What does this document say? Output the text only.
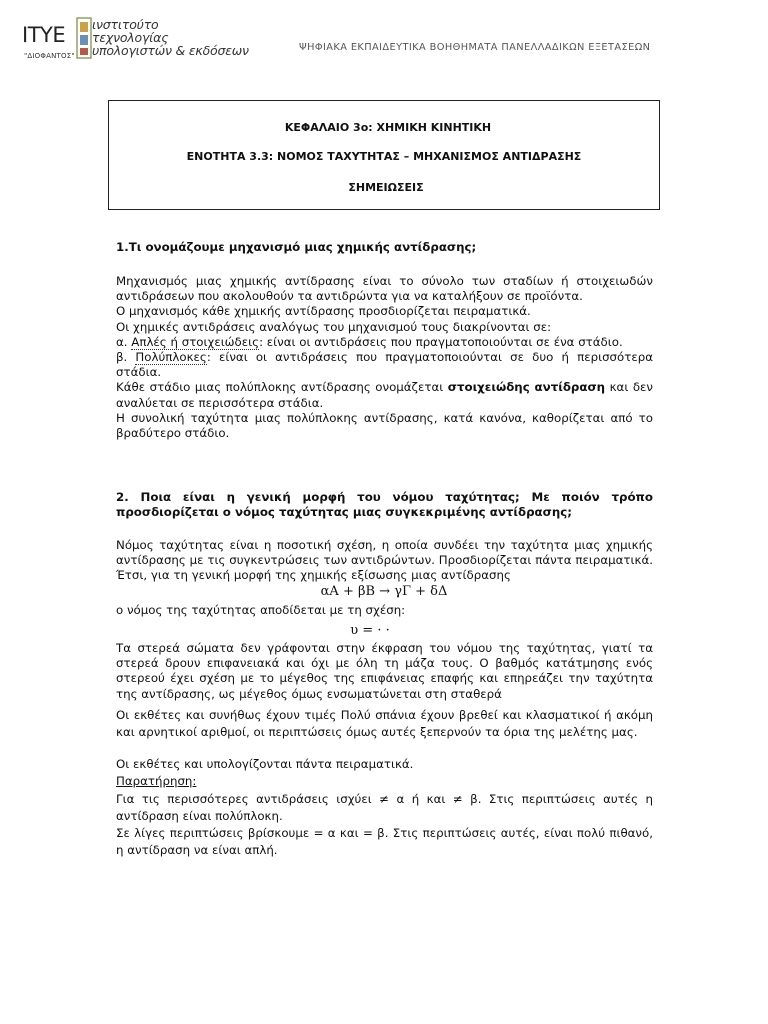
ΙΤΥΕ
"ΔΙΟΦΑΝΤΟΣ"
ινστιτούτο
τεχνολογίας
υπολογιστών & εκδόσεων	ΨΗΦΙΑΚΑ ΕΚΠΑΙΔΕΥΤΙΚΑ ΒΟΗΘΗΜΑΤΑ ΠΑΝΕΛΛΑΔΙΚΩΝ ΕΞΕΤΑΣΕΩΝ
ΚΕΦΑΛΑΙΟ 3ο: ΧΗΜΙΚΗ ΚΙΝΗΤΙΚΗ
ΕΝΟΤΗΤΑ 3.3: ΝΟΜΟΣ ΤΑΧΥΤΗΤΑΣ – ΜΗΧΑΝΙΣΜΟΣ ΑΝΤΙΔΡΑΣΗΣ
ΣΗΜΕΙΩΣΕΙΣ
1.Τι ονομάζουμε μηχανισμό μιας χημικής αντίδρασης;
Μηχανισμός μιας χημικής αντίδρασης είναι το σύνολο των σταδίων ή στοιχειωδών αντιδράσεων που ακολουθούν τα αντιδρώντα για να καταλήξουν σε προϊόντα.
Ο μηχανισμός κάθε χημικής αντίδρασης προσδιορίζεται πειραματικά.
Οι χημικές αντιδράσεις αναλόγως του μηχανισμού τους διακρίνονται σε:
α. Απλές ή στοιχειώδεις: είναι οι αντιδράσεις που πραγματοποιούνται σε ένα στάδιο.
β. Πολύπλοκες: είναι οι αντιδράσεις που πραγματοποιούνται σε δυο ή περισσότερα στάδια.
Κάθε στάδιο μιας πολύπλοκης αντίδρασης ονομάζεται στοιχειώδης αντίδραση και δεν αναλύεται σε περισσότερα στάδια.
Η συνολική ταχύτητα μιας πολύπλοκης αντίδρασης, κατά κανόνα, καθορίζεται από το βραδύτερο στάδιο.
2. Ποια είναι η γενική μορφή του νόμου ταχύτητας; Με ποιόν τρόπο προσδιορίζεται ο νόμος ταχύτητας μιας συγκεκριμένης αντίδρασης;
Νόμος ταχύτητας είναι η ποσοτική σχέση, η οποία συνδέει την ταχύτητα μιας χημικής αντίδρασης με τις συγκεντρώσεις των αντιδρώντων. Προσδιορίζεται πάντα πειραματικά. Έτσι, για τη γενική μορφή της χημικής εξίσωσης μιας αντίδρασης
αΑ + βΒ → γΓ + δΔ
ο νόμος της ταχύτητας αποδίδεται με τη σχέση:
υ = · ·
Τα στερεά σώματα δεν γράφονται στην έκφραση του νόμου της ταχύτητας, γιατί τα στερεά δρουν επιφανειακά και όχι με όλη τη μάζα τους. Ο βαθμός κατάτμησης ενός στερεού έχει σχέση με το μέγεθος της επιφάνειας επαφής και επηρεάζει την ταχύτητα της αντίδρασης, ως μέγεθος όμως ενσωματώνεται στη σταθερά
Οι εκθέτες και συνήθως έχουν τιμές Πολύ σπάνια έχουν βρεθεί και κλασματικοί ή ακόμη και αρνητικοί αριθμοί, οι περιπτώσεις όμως αυτές ξεπερνούν τα όρια της μελέτης μας.
Οι εκθέτες και υπολογίζονται πάντα πειραματικά.
Παρατήρηση:
Για τις περισσότερες αντιδράσεις ισχύει ≠ α ή και ≠ β. Στις περιπτώσεις αυτές η αντίδραση είναι πολύπλοκη.
Σε λίγες περιπτώσεις βρίσκουμε = α και = β. Στις περιπτώσεις αυτές, είναι πολύ πιθανό, η αντίδραση να είναι απλή.
